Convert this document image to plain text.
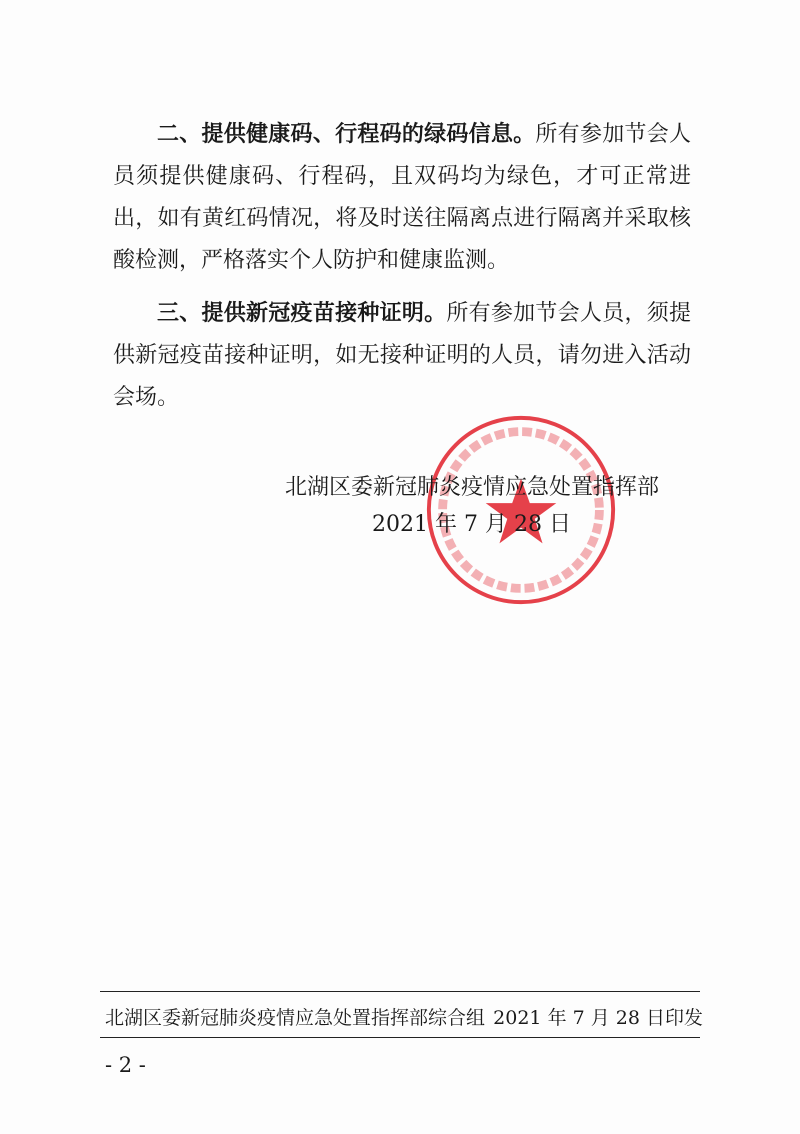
二、提供健康码、行程码的绿码信息。所有参加节会人员须提供健康码、行程码，且双码均为绿色，才可正常进出，如有黄红码情况，将及时送往隔离点进行隔离并采取核酸检测，严格落实个人防护和健康监测。
三、提供新冠疫苗接种证明。所有参加节会人员，须提供新冠疫苗接种证明，如无接种证明的人员，请勿进入活动会场。
北湖区委新冠肺炎疫情应急处置指挥部
2021 年 7 月 28 日
北湖区委新冠肺炎疫情应急处置指挥部综合组 2021 年 7 月 28 日印发
- 2 -
